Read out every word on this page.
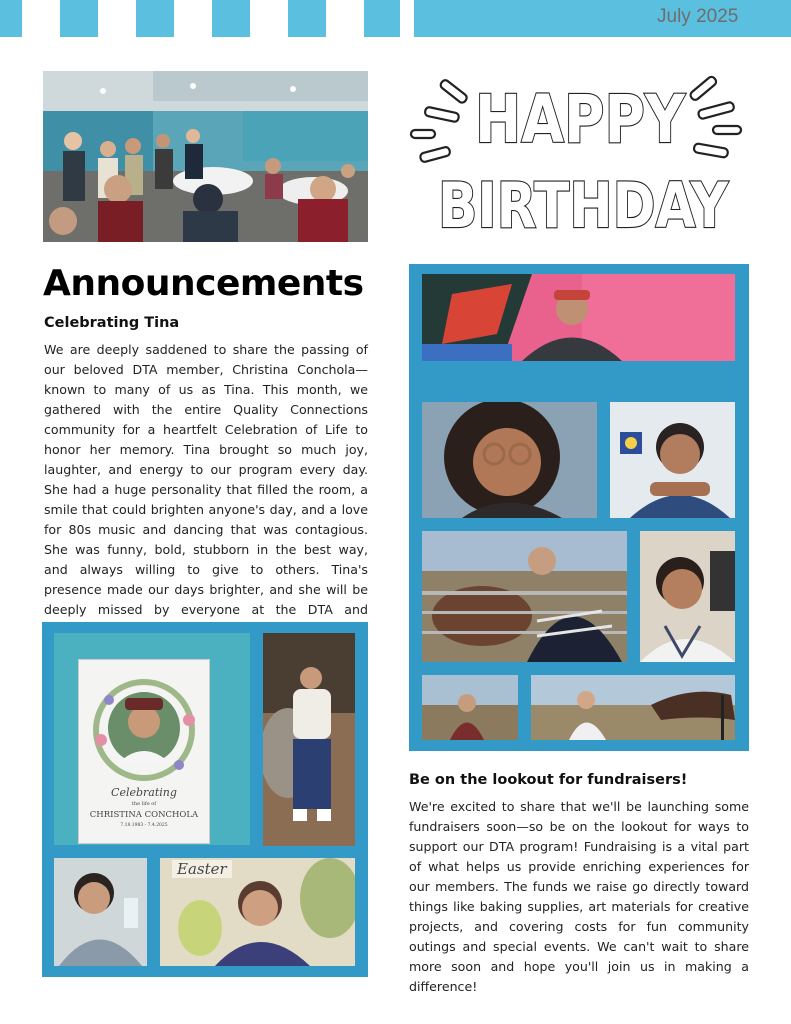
July 2025
HAPPY
BIRTHDAY
Announcements
Celebrating Tina
We are deeply saddened to share the passing of our beloved DTA member, Christina Conchola—known to many of us as Tina. This month, we gathered with the entire Quality Connections community for a heartfelt Celebration of Life to honor her memory. Tina brought so much joy, laughter, and energy to our program every day. She had a huge personality that filled the room, a smile that could brighten anyone's day, and a love for 80s music and dancing that was contagious. She was funny, bold, stubborn in the best way, and always willing to give to others. Tina's presence made our days brighter, and she will be deeply missed by everyone at the DTA and
Celebrating
the life of
CHRISTINA CONCHOLA
7.18.1983 - 7.4.2025
Easter
Be on the lookout for fundraisers!
We're excited to share that we'll be launching some fundraisers soon—so be on the lookout for ways to support our DTA program! Fundraising is a vital part of what helps us provide enriching experiences for our members. The funds we raise go directly toward things like baking supplies, art materials for creative projects, and covering costs for fun community outings and special events. We can't wait to share more soon and hope you'll join us in making a difference!
